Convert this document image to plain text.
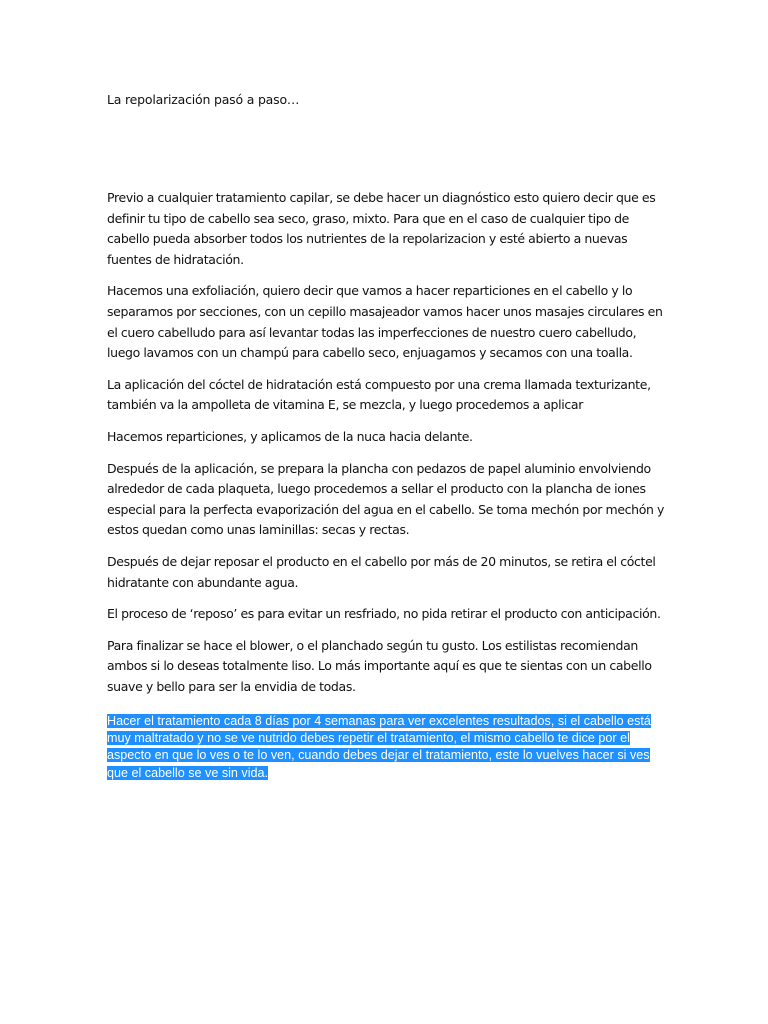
La repolarización pasó a paso…

Previo a cualquier tratamiento capilar, se debe hacer un diagnóstico esto quiero decir que es definir tu tipo de cabello sea seco, graso, mixto. Para que en el caso de cualquier tipo de cabello pueda absorber todos los nutrientes de la repolarizacion y esté abierto a nuevas fuentes de hidratación.

Hacemos una exfoliación, quiero decir que vamos a hacer reparticiones en el cabello y lo separamos por secciones, con un cepillo masajeador vamos hacer unos masajes circulares en el cuero cabelludo para así levantar todas las imperfecciones de nuestro cuero cabelludo, luego lavamos con un champú para cabello seco, enjuagamos y secamos con una toalla.

La aplicación del cóctel de hidratación está compuesto por una crema llamada texturizante, también va la ampolleta de vitamina E, se mezcla, y luego procedemos a aplicar

Hacemos reparticiones, y aplicamos de la nuca hacia delante.

Después de la aplicación, se prepara la plancha con pedazos de papel aluminio envolviendo alrededor de cada plaqueta, luego procedemos a sellar el producto con la plancha de iones especial para la perfecta evaporización del agua en el cabello. Se toma mechón por mechón y estos quedan como unas laminillas: secas y rectas.

Después de dejar reposar el producto en el cabello por más de 20 minutos, se retira el cóctel hidratante con abundante agua.

El proceso de ‘reposo’ es para evitar un resfriado, no pida retirar el producto con anticipación.

Para finalizar se hace el blower, o el planchado según tu gusto. Los estilistas recomiendan ambos si lo deseas totalmente liso. Lo más importante aquí es que te sientas con un cabello suave y bello para ser la envidia de todas.

Hacer el tratamiento cada 8 días por 4 semanas para ver excelentes resultados, si el cabello está muy maltratado y no se ve nutrido debes repetir el tratamiento, el mismo cabello te dice por el aspecto en que lo ves o te lo ven, cuando debes dejar el tratamiento, este lo vuelves hacer si ves que el cabello se ve sin vida.
